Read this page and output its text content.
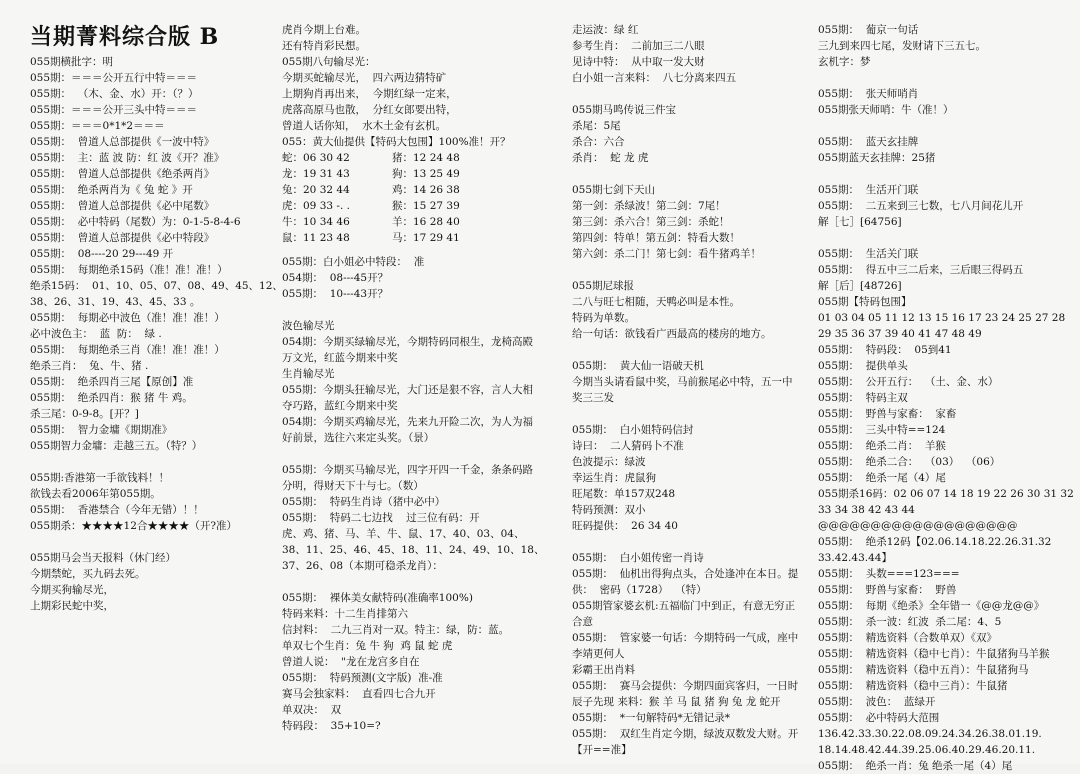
当期菁料综合版 B
055期横批字：明
055期：＝＝＝公开五行中特＝＝＝
055期：  （木、金、水）开：（？）
055期：＝＝＝公开三头中特＝＝＝
055期：＝＝＝0*1*2＝＝＝
055期：  曾道人总部提供《一波中特》
055期：  主：蓝 波 防：红 波《开？准》
055期：  曾道人总部提供《绝杀两肖》
055期：  绝杀两肖为《 兔 蛇 》开
055期：  曾道人总部提供《必中尾数》
055期：  必中特码（尾数）为：0-1-5-8-4-6
055期：  曾道人总部提供《必中特段》
055期：  08----20 29---49 开
055期：  每期绝杀15码（准！准！准！）
绝杀15码：  01、10、05、07、08、49、45、12、
38、26、31、19、43、45、33 。
055期：  每期必中波色（准！准！准！）
必中波色主：  蓝  防：  绿 .
055期：  每期绝杀三肖（准！准！准！）
绝杀三肖：  兔、牛、猪 .
055期：  绝杀四肖三尾【原创】准
055期：  绝杀四肖：猴 猪 牛 鸡。
杀三尾：0-9-8。[开？]
055期：  智力金墉《期期准》
055期智力金墉：走越三五。（特？）
055期:香港第一手欲钱料！！
欲钱去看2006年第055期。
055期：  香港禁合（今年无错）！！
055期杀：★★★★12合★★★★（开?准）
055期马会当天报料（休门经）
今期禁蛇，买九码去死。
今期买狗输尽光，
上期彩民蛇中奖，
虎肖今期上台难。
还有特肖彩民想。
055期八句输尽光：
今期买蛇输尽光，  四六两边猜特矿
上期狗肖再出来，  今期红绿一定来，
虎落高原马也散，  分红女郎要出特，
曾道人话你知，  水木土金有玄机。
055：黄大仙提供【特码大包围】100%准！开？
蛇：06 30 42	猪：12 24 48
龙：19 31 43	狗：13 25 49
兔：20 32 44	鸡：14 26 38
虎：09 33 -. .	猴：15 27 39
牛：10 34 46	羊：16 28 40
鼠：11 23 48	马：17 29 41
055期：白小姐必中特段：  准
054期：  08---45开？
055期：  10---43开？
波色输尽光
054期：今期买绿输尽光，今期特码同根生，龙椅高殿
万文光，红蓝今期来中奖
生肖输尽光
055期：今期头狂输尽光，大门还是狠不容，言人大相
夺巧路，蓝红今期来中奖
054期：今期买鸡输尽光，先来九开险二次，为人为福
好前景，选往六来定头奖。（景）
055期：今期买马输尽光，四字开四一千金，条条码路
分明，得财天下十与七。（数）
055期：  特码生肖诗（猪中必中）
055期：  特码二七边找    过三位有码：开
虎、鸡、猪、马、羊、牛、鼠、17、40、03、04、
38、11、25、46、45、18、11、24、49、10、18、
37、26、08（本期可稳杀龙肖）：
055期：  裸体美女献特码(准确率100%)
特码来料：十二生肖排第六
信封料：  二九三肖对一双。特主：绿，防：蓝。
单双七个生肖：兔 牛 狗  鸡 鼠 蛇 虎
曾道人说：  "龙在龙宫多自在
055期：  特码预测(文字版)  准-准
赛马会独家料：  直看四七合九开
单双决：  双
特码段：  35+10=?
走运波：绿 红
参考生肖：  二前加三二八眼
见诗中特：  从中取一发大财
白小姐一言来料：  八七分离来四五
055期马鸣传说三件宝
杀尾：5尾
杀合：六合
杀肖：  蛇 龙 虎
055期七剑下天山
第一剑：杀绿波！第二剑：7尾！
第三剑：杀六合！第三剑：杀蛇！
第四剑：特单！第五剑：特看大数！
第六剑：杀二门！第七剑：看牛猪鸡羊！
055期尼球报
二八与旺七相随，天鸭必叫是本性。
特码为单数。
给一句话：欲钱看广西最高的楼房的地方。
055期：  黄大仙一语破天机
今期当头请看鼠中奖，马前猴尾必中特，五一中
奖三三发
055期：  白小姐特码信封
诗曰：  二人猜码卜不准
色波提示：绿波
幸运生肖：虎鼠狗
旺尾数：单157双248
特码预测：双小
旺码提供：  26 34 40
055期：  白小姐传密一肖诗
055期：  仙机出得狗点头，合处逢冲在本日。提
供：  密码（1728）  （特）
055期管家婆玄机:五福临门中到正，有意无穷正
合意
055期：  管家婆一句话：今期特码一气成，座中
李靖更何人
彩霸王出肖料
055期：  赛马会提供：今期四面宾客归，一日时
辰子先现 来料：猴 羊 马 鼠 猪 狗 兔 龙 蛇开
055期：  *一句解特码*无错记录*
055期：  双红生肖定今期，绿波双数发大财。开
【开==准】
055期：  葡京一句话
三九到来四七尾，发财请下三五七。
玄机字：梦
055期：  张天师哨肖
055期张天师哨：牛（准！）
055期：  蓝天玄挂牌
055期蓝天玄挂牌：25猪
055期：  生活开门联
055期：  二五来到三七数，七八月间花儿开
解［七］[64756]
055期：  生活关门联
055期：  得五中三二后来，三后眼三得码五
解［后］[48726]
055期【特码包围】
01 03 04 05 11 12 13 15 16 17 23 24 25 27 28
29 35 36 37 39 40 41 47 48 49
055期：  特码段：  05到41
055期：  提供单头
055期：  公开五行：  （土、金、水）
055期：  特码主双
055期：  野兽与家畜：  家畜
055期：  三头中特==124
055期：  绝杀二肖：  羊猴
055期：  绝杀二合：  （03）  （06）
055期：  绝杀一尾（4）尾
055期杀16码：02 06 07 14 18 19 22 26 30 31 32
33 34 38 42 43 44
@@@@@@@@@@@@@@@@@@@
055期：  绝杀12码【02.06.14.18.22.26.31.32
33.42.43.44】
055期：  头数===123===
055期：  野兽与家畜：  野兽
055期：  每期《绝杀》全年错一《@@龙@@》
055期：  杀一波：红波  杀二尾：4、5
055期：  精选资料（合数单双）《双》
055期：  精选资料（稳中七肖）：牛鼠猪狗马羊猴
055期：  精选资料（稳中五肖）：牛鼠猪狗马
055期：  精选资料（稳中三肖）：牛鼠猪
055期：  波色：  蓝绿开
055期：  必中特码大范围
136.42.33.30.22.08.09.24.34.26.38.01.19.
18.14.48.42.44.39.25.06.40.29.46.20.11.
055期：  绝杀一肖：兔 绝杀一尾（4）尾
